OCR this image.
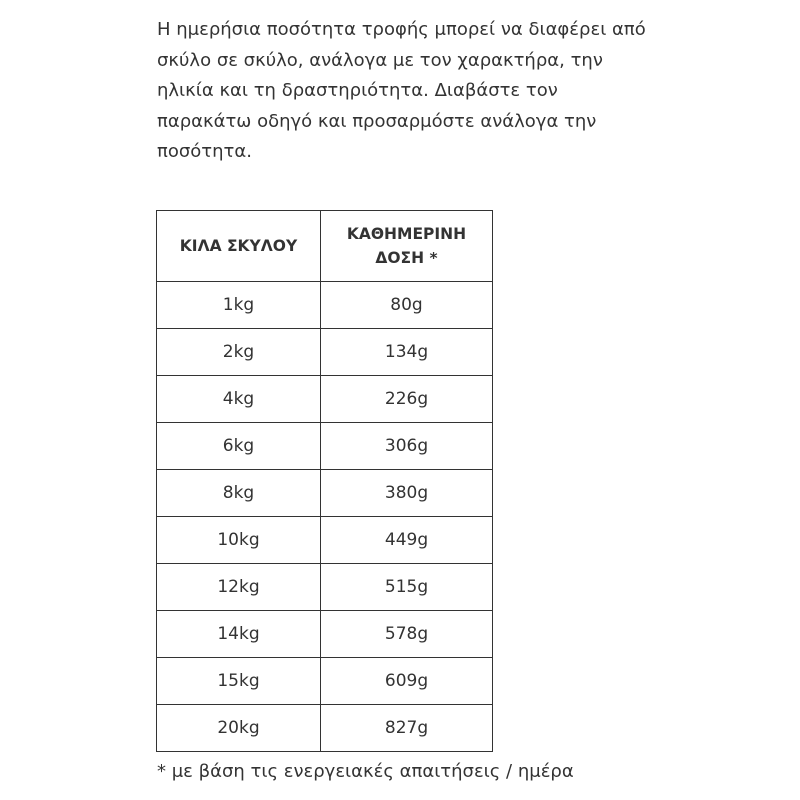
Η ημερήσια ποσότητα τροφής μπορεί να διαφέρει από σκύλο σε σκύλο, ανάλογα με τον χαρακτήρα, την ηλικία και τη δραστηριότητα. Διαβάστε τον παρακάτω οδηγό και προσαρμόστε ανάλογα την ποσότητα.

ΚΙΛΑ ΣΚΥΛΟΥ	ΚΑΘΗΜΕΡΙΝΗ ΔΟΣΗ *
1kg	80g
2kg	134g
4kg	226g
6kg	306g
8kg	380g
10kg	449g
12kg	515g
14kg	578g
15kg	609g
20kg	827g

* με βάση τις ενεργειακές απαιτήσεις / ημέρα
